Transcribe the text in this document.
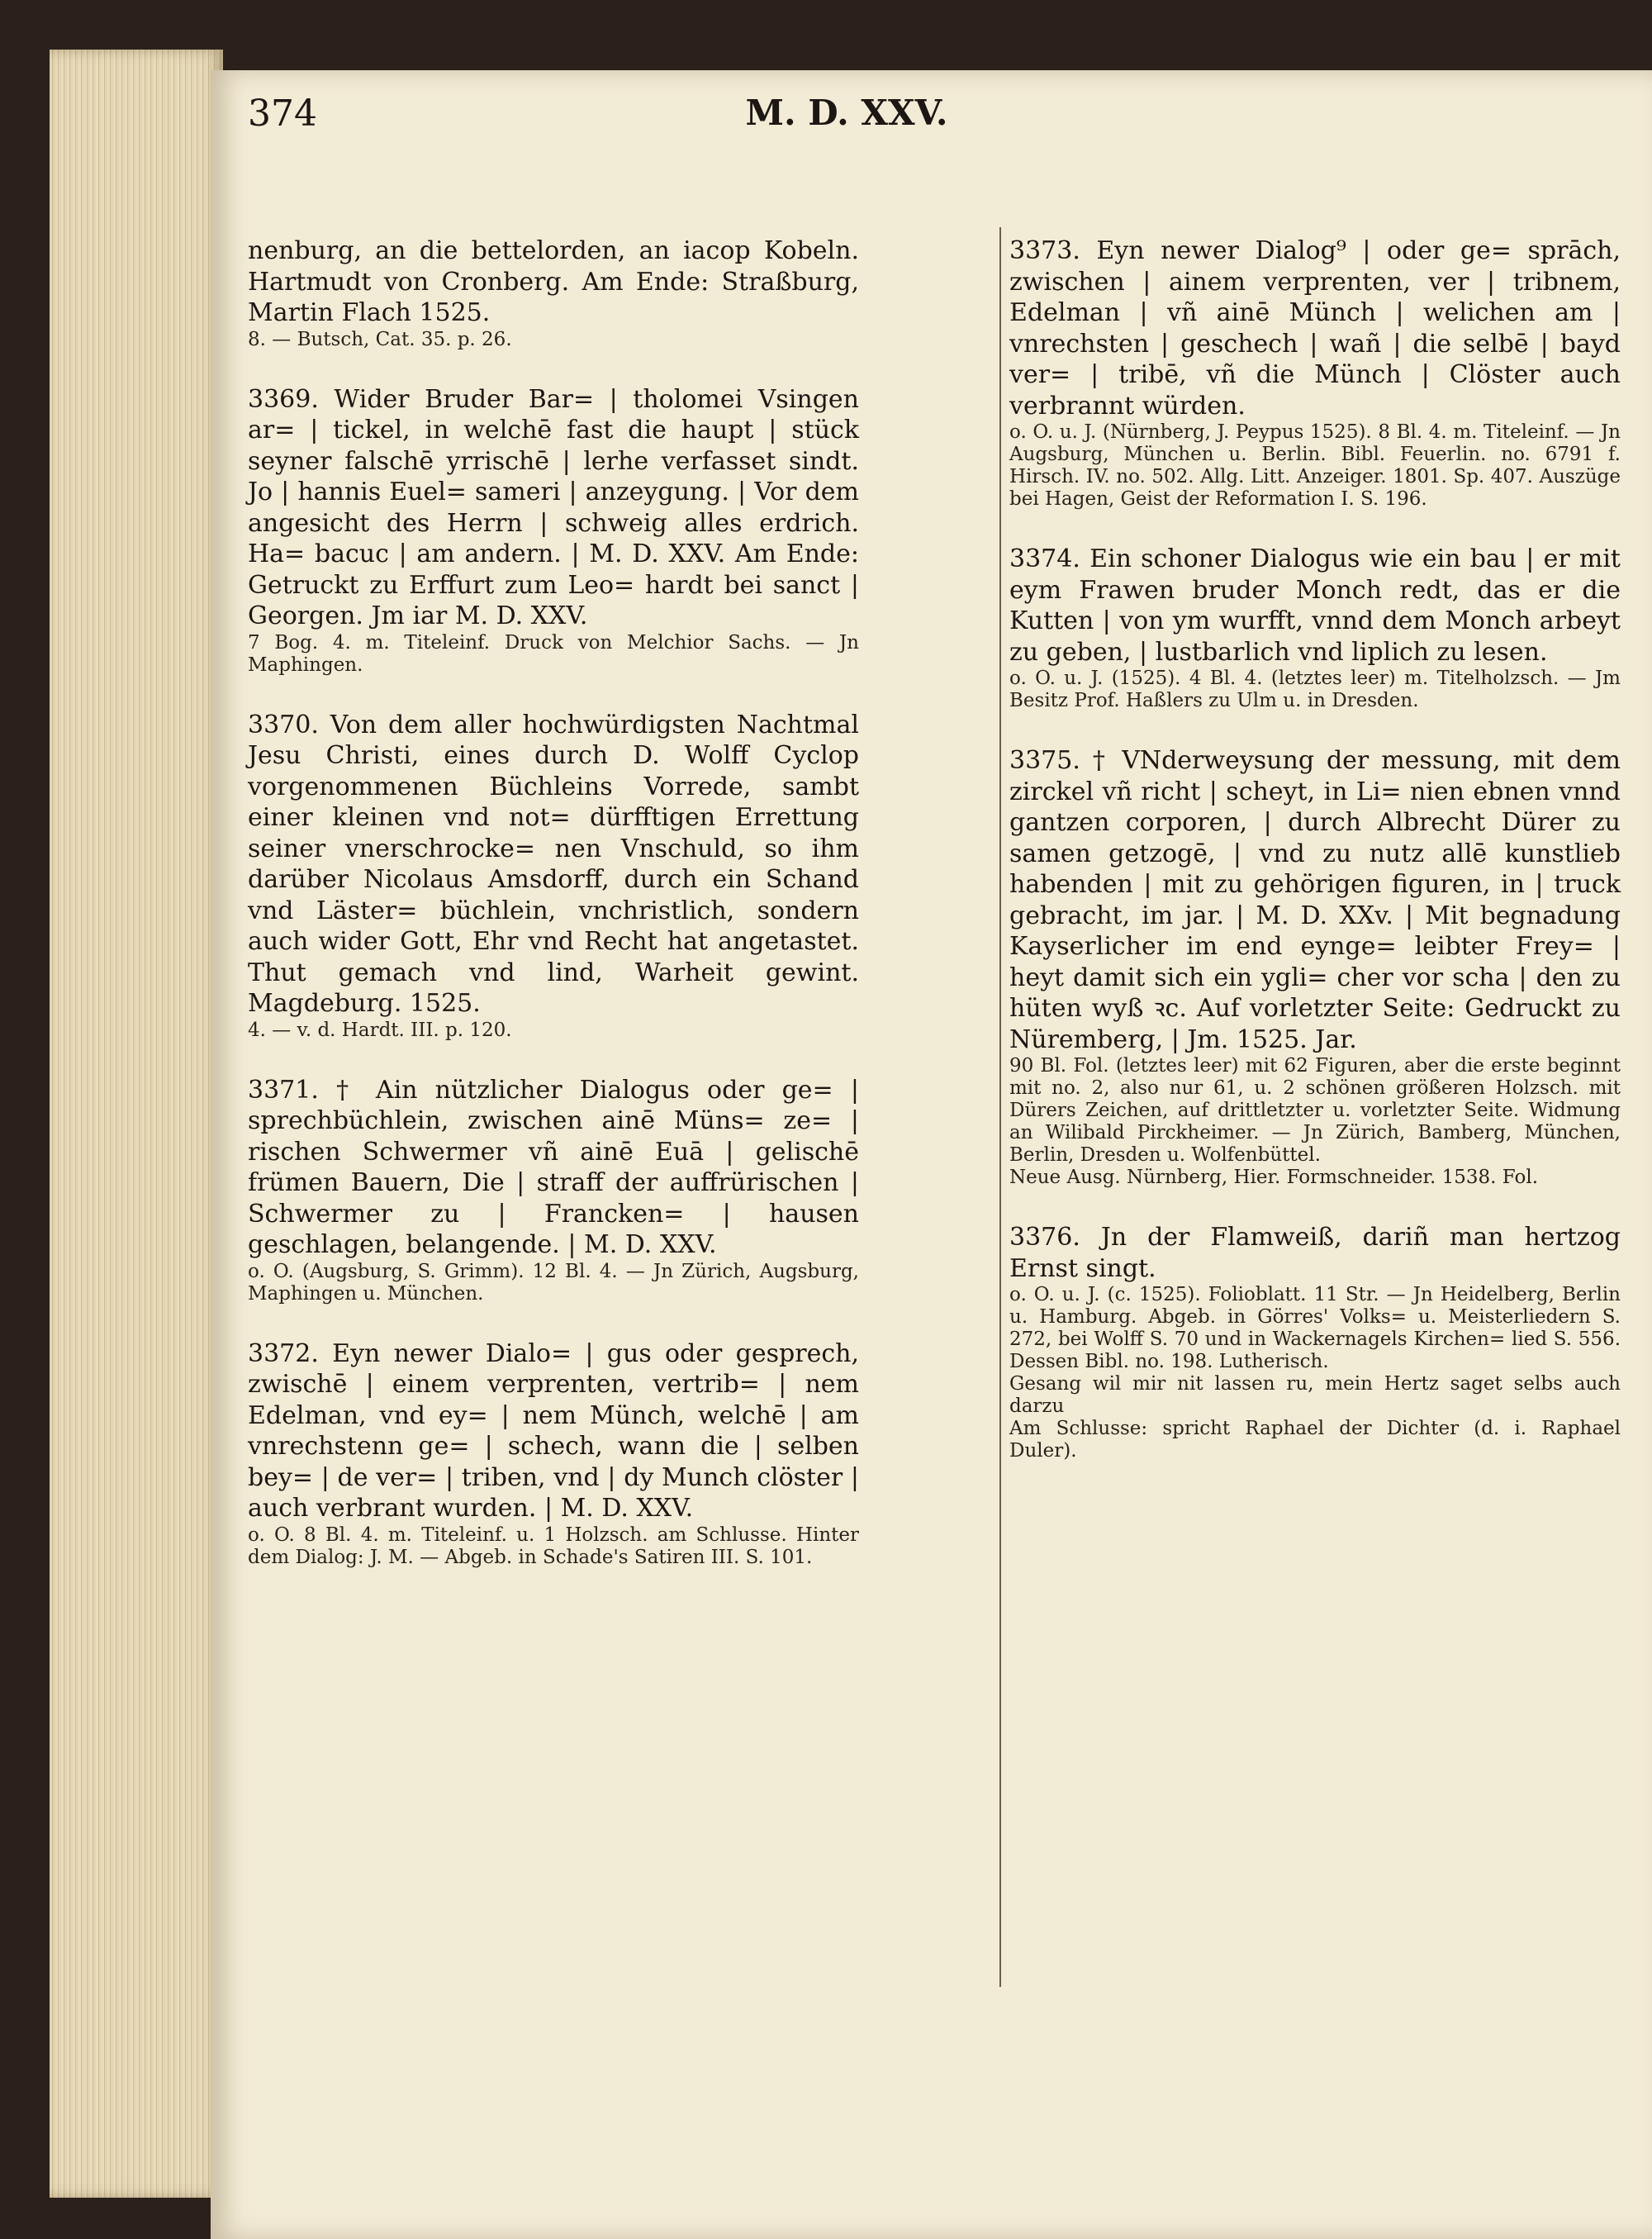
374	M. D. XXV.

nenburg, an die bettelorden, an iacop Kobeln. Hartmudt von Cronberg. Am Ende: Straßburg, Martin Flach 1525.

8. — Butsch, Cat. 35. p. 26.

3369. Wider Bruder Bar= | tholomei Vsingen ar= | tickel, in welchē fast die haupt | stück seyner falschē yrrischē | lerhe verfasset sindt. Jo | hannis Euel= sameri | anzeygung. | Vor dem angesicht des Herrn | schweig alles erdrich. Ha= bacuc | am andern. | M. D. XXV. Am Ende: Getruckt zu Erffurt zum Leo= hardt bei sanct | Georgen. Jm iar M. D. XXV.

7 Bog. 4. m. Titeleinf. Druck von Melchior Sachs. — Jn Maphingen.

3370. Von dem aller hochwürdigsten Nachtmal Jesu Christi, eines durch D. Wolff Cyclop vorgenommenen Büchleins Vorrede, sambt einer kleinen vnd not= dürfftigen Errettung seiner vnerschrocke= nen Vnschuld, so ihm darüber Nicolaus Amsdorff, durch ein Schand vnd Läster= büchlein, vnchristlich, sondern auch wider Gott, Ehr vnd Recht hat angetastet. Thut gemach vnd lind, Warheit gewint. Magdeburg. 1525.

4. — v. d. Hardt. III. p. 120.

3371. † Ain nützlicher Dialogus oder ge= | sprechbüchlein, zwischen ainē Müns= ze= | rischen Schwermer vñ ainē Euā | gelischē frümen Bauern, Die | straff der auffrürischen | Schwermer zu | Francken= | hausen geschlagen, belangende. | M. D. XXV.

o. O. (Augsburg, S. Grimm). 12 Bl. 4. — Jn Zürich, Augsburg, Maphingen u. München.

3372. Eyn newer Dialo= | gus oder gesprech, zwischē | einem verprenten, vertrib= | nem Edelman, vnd ey= | nem Münch, welchē | am vnrechstenn ge= | schech, wann die | selben bey= | de ver= | triben, vnd | dy Munch clöster | auch verbrant wurden. | M. D. XXV.

o. O. 8 Bl. 4. m. Titeleinf. u. 1 Holzsch. am Schlusse. Hinter dem Dialog: J. M. — Abgeb. in Schade's Satiren III. S. 101.

3373. Eyn newer Dialog⁹ | oder ge= sprāch, zwischen | ainem verprenten, ver | tribnem, Edelman | vñ ainē Münch | welichen am | vnrechsten | geschech | wañ | die selbē | bayd ver= | tribē, vñ die Münch | Clöster auch verbrannt würden.

o. O. u. J. (Nürnberg, J. Peypus 1525). 8 Bl. 4. m. Titeleinf. — Jn Augsburg, München u. Berlin. Bibl. Feuerlin. no. 6791 f. Hirsch. IV. no. 502. Allg. Litt. Anzeiger. 1801. Sp. 407. Auszüge bei Hagen, Geist der Reformation I. S. 196.

3374. Ein schoner Dialogus wie ein bau | er mit eym Frawen bruder Monch redt, das er die Kutten | von ym wurfft, vnnd dem Monch arbeyt zu geben, | lustbarlich vnd liplich zu lesen.

o. O. u. J. (1525). 4 Bl. 4. (letztes leer) m. Titelholzsch. — Jm Besitz Prof. Haßlers zu Ulm u. in Dresden.

3375. † VNderweysung der messung, mit dem zirckel vñ richt | scheyt, in Li= nien ebnen vnnd gantzen corporen, | durch Albrecht Dürer zu samen getzogē, | vnd zu nutz allē kunstlieb habenden | mit zu gehörigen figuren, in | truck gebracht, im jar. | M. D. XXv. | Mit begnadung Kayserlicher im end eynge= leibter Frey= | heyt damit sich ein ygli= cher vor scha | den zu hüten wyß ꝛc. Auf vorletzter Seite: Gedruckt zu Nüremberg, | Jm. 1525. Jar.

90 Bl. Fol. (letztes leer) mit 62 Figuren, aber die erste beginnt mit no. 2, also nur 61, u. 2 schönen größeren Holzsch. mit Dürers Zeichen, auf drittletzter u. vorletzter Seite. Widmung an Wilibald Pirckheimer. — Jn Zürich, Bamberg, München, Berlin, Dresden u. Wolfenbüttel.

Neue Ausg. Nürnberg, Hier. Formschneider. 1538. Fol.

3376. Jn der Flamweiß, dariñ man hertzog Ernst singt.

o. O. u. J. (c. 1525). Folioblatt. 11 Str. — Jn Heidelberg, Berlin u. Hamburg. Abgeb. in Görres' Volks= u. Meisterliedern S. 272, bei Wolff S. 70 und in Wackernagels Kirchen= lied S. 556. Dessen Bibl. no. 198. Lutherisch.

Gesang wil mir nit lassen ru, mein Hertz saget selbs auch darzu

Am Schlusse: spricht Raphael der Dichter (d. i. Raphael Duler).
